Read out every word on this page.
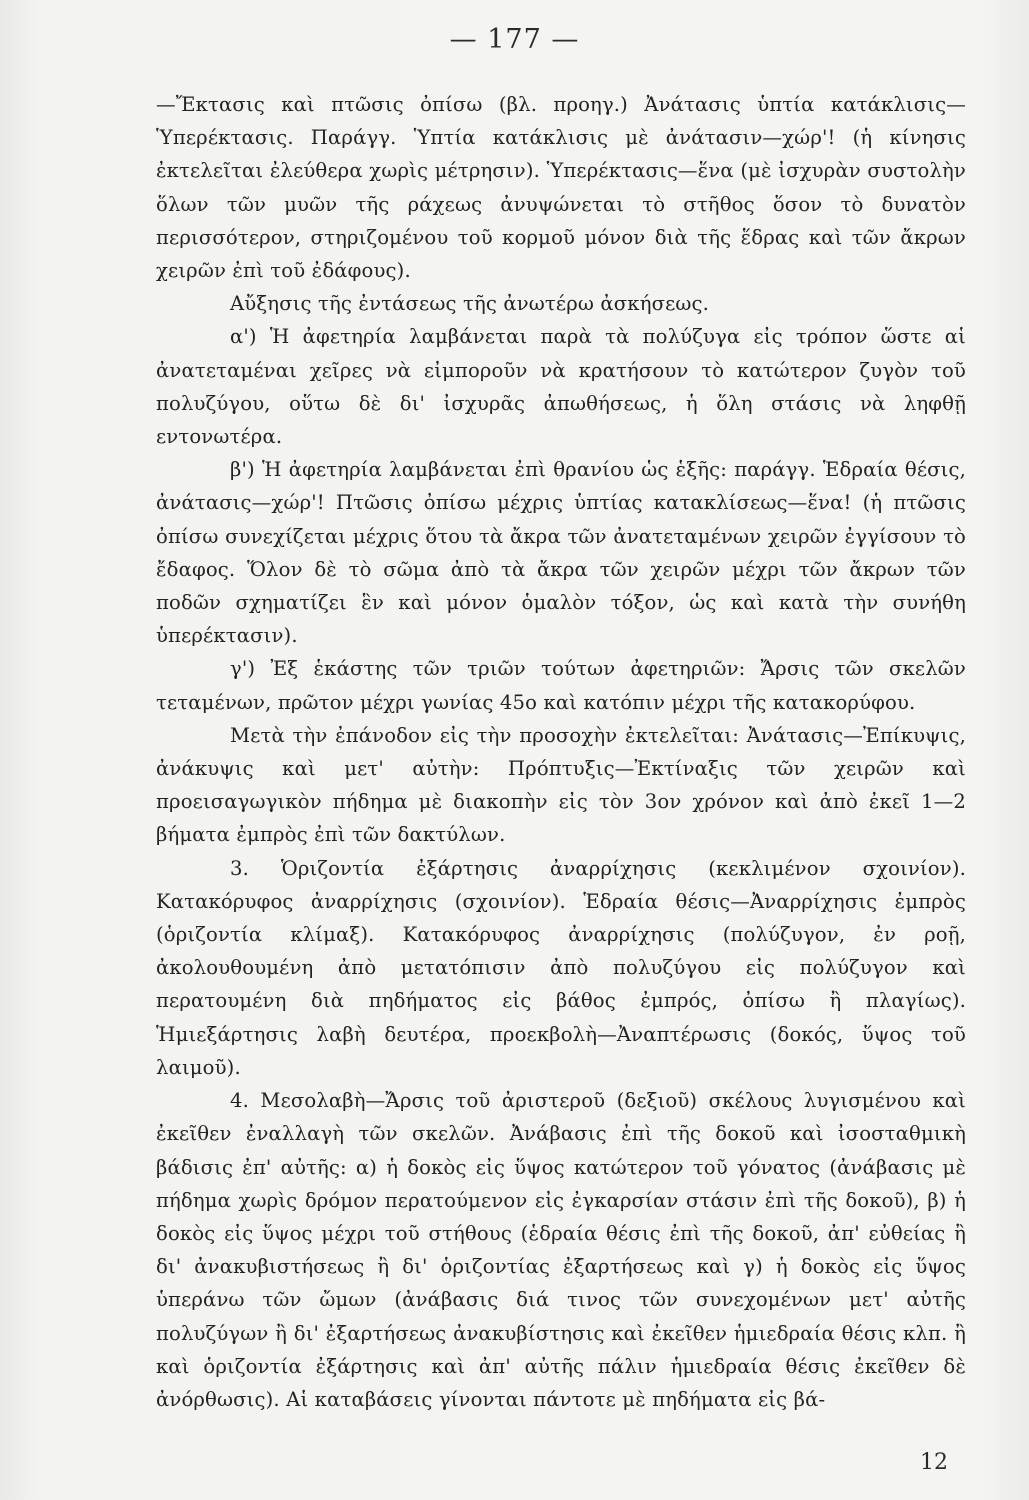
— 177 —

—Ἔκτασις καὶ πτῶσις ὀπίσω (βλ. προηγ.) Ἀνάτασις ὑπτία κατάκλισις—Ὑπερέκτασις. Παράγγ. Ὑπτία κατάκλισις μὲ ἀνάτασιν—χώρ'! (ἡ κίνησις ἐκτελεῖται ἐλεύθερα χωρὶς μέτρησιν). Ὑπερέκτασις—ἕνα (μὲ ἰσχυρὰν συστολὴν ὅλων τῶν μυῶν τῆς ράχεως ἀνυψώνεται τὸ στῆθος ὅσον τὸ δυνατὸν περισσότερον, στηριζομένου τοῦ κορμοῦ μόνον διὰ τῆς ἕδρας καὶ τῶν ἄκρων χειρῶν ἐπὶ τοῦ ἐδάφους).

Αὔξησις τῆς ἐντάσεως τῆς ἀνωτέρω ἀσκήσεως.

α') Ἡ ἀφετηρία λαμβάνεται παρὰ τὰ πολύζυγα εἰς τρόπον ὥστε αἱ ἀνατεταμέναι χεῖρες νὰ εἰμποροῦν νὰ κρατήσουν τὸ κατώτερον ζυγὸν τοῦ πολυζύγου, οὕτω δὲ δι' ἰσχυρᾶς ἀπωθήσεως, ἡ ὅλη στάσις νὰ ληφθῇ εντονωτέρα.

β') Ἡ ἀφετηρία λαμβάνεται ἐπὶ θρανίου ὡς ἑξῆς: παράγγ. Ἑδραία θέσις, ἀνάτασις—χώρ'! Πτῶσις ὀπίσω μέχρις ὑπτίας κατακλίσεως—ἕνα! (ἡ πτῶσις ὀπίσω συνεχίζεται μέχρις ὅτου τὰ ἄκρα τῶν ἀνατεταμένων χειρῶν ἐγγίσουν τὸ ἔδαφος. Ὅλον δὲ τὸ σῶμα ἀπὸ τὰ ἄκρα τῶν χειρῶν μέχρι τῶν ἄκρων τῶν ποδῶν σχηματίζει ἓν καὶ μόνον ὁμαλὸν τόξον, ὡς καὶ κατὰ τὴν συνήθη ὑπερέκτασιν).

γ') Ἐξ ἑκάστης τῶν τριῶν τούτων ἀφετηριῶν: Ἄρσις τῶν σκελῶν τεταμένων, πρῶτον μέχρι γωνίας 45ο καὶ κατόπιν μέχρι τῆς κατακορύφου.

Μετὰ τὴν ἐπάνοδον εἰς τὴν προσοχὴν ἐκτελεῖται: Ἀνάτασις—Ἐπίκυψις, ἀνάκυψις καὶ μετ' αὐτὴν: Πρόπτυξις—Ἐκτίναξις τῶν χειρῶν καὶ προεισαγωγικὸν πήδημα μὲ διακοπὴν εἰς τὸν 3ον χρόνον καὶ ἀπὸ ἐκεῖ 1—2 βήματα ἐμπρὸς ἐπὶ τῶν δακτύλων.

3. Ὁριζοντία ἐξάρτησις ἀναρρίχησις (κεκλιμένον σχοινίον). Κατακόρυφος ἀναρρίχησις (σχοινίον). Ἑδραία θέσις—Ἀναρρίχησις ἐμπρὸς (ὁριζοντία κλίμαξ). Κατακόρυφος ἀναρρίχησις (πολύζυγον, ἐν ροῇ, ἀκολουθουμένη ἀπὸ μετατόπισιν ἀπὸ πολυζύγου εἰς πολύζυγον καὶ περατουμένη διὰ πηδήματος εἰς βάθος ἐμπρός, ὀπίσω ἢ πλαγίως). Ἡμιεξάρτησις λαβὴ δευτέρα, προεκβολὴ—Ἀναπτέρωσις (δοκός, ὕψος τοῦ λαιμοῦ).

4. Μεσολαβὴ—Ἄρσις τοῦ ἀριστεροῦ (δεξιοῦ) σκέλους λυγισμένου καὶ ἐκεῖθεν ἐναλλαγὴ τῶν σκελῶν. Ἀνάβασις ἐπὶ τῆς δοκοῦ καὶ ἰσοσταθμικὴ βάδισις ἐπ' αὐτῆς: α) ἡ δοκὸς εἰς ὕψος κατώτερον τοῦ γόνατος (ἀνάβασις μὲ πήδημα χωρὶς δρόμον περατούμενον εἰς ἐγκαρσίαν στάσιν ἐπὶ τῆς δοκοῦ), β) ἡ δοκὸς εἰς ὕψος μέχρι τοῦ στήθους (ἑδραία θέσις ἐπὶ τῆς δοκοῦ, ἀπ' εὐθείας ἢ δι' ἀνακυβιστήσεως ἢ δι' ὁριζοντίας ἐξαρτήσεως καὶ γ) ἡ δοκὸς εἰς ὕψος ὑπεράνω τῶν ὤμων (ἀνάβασις διά τινος τῶν συνεχομένων μετ' αὐτῆς πολυζύγων ἢ δι' ἐξαρτήσεως ἀνακυβίστησις καὶ ἐκεῖθεν ἡμιεδραία θέσις κλπ. ἢ καὶ ὁριζοντία ἐξάρτησις καὶ ἀπ' αὐτῆς πάλιν ἡμιεδραία θέσις ἐκεῖθεν δὲ ἀνόρθωσις). Αἱ καταβάσεις γίνονται πάντοτε μὲ πηδήματα εἰς βά-

12
